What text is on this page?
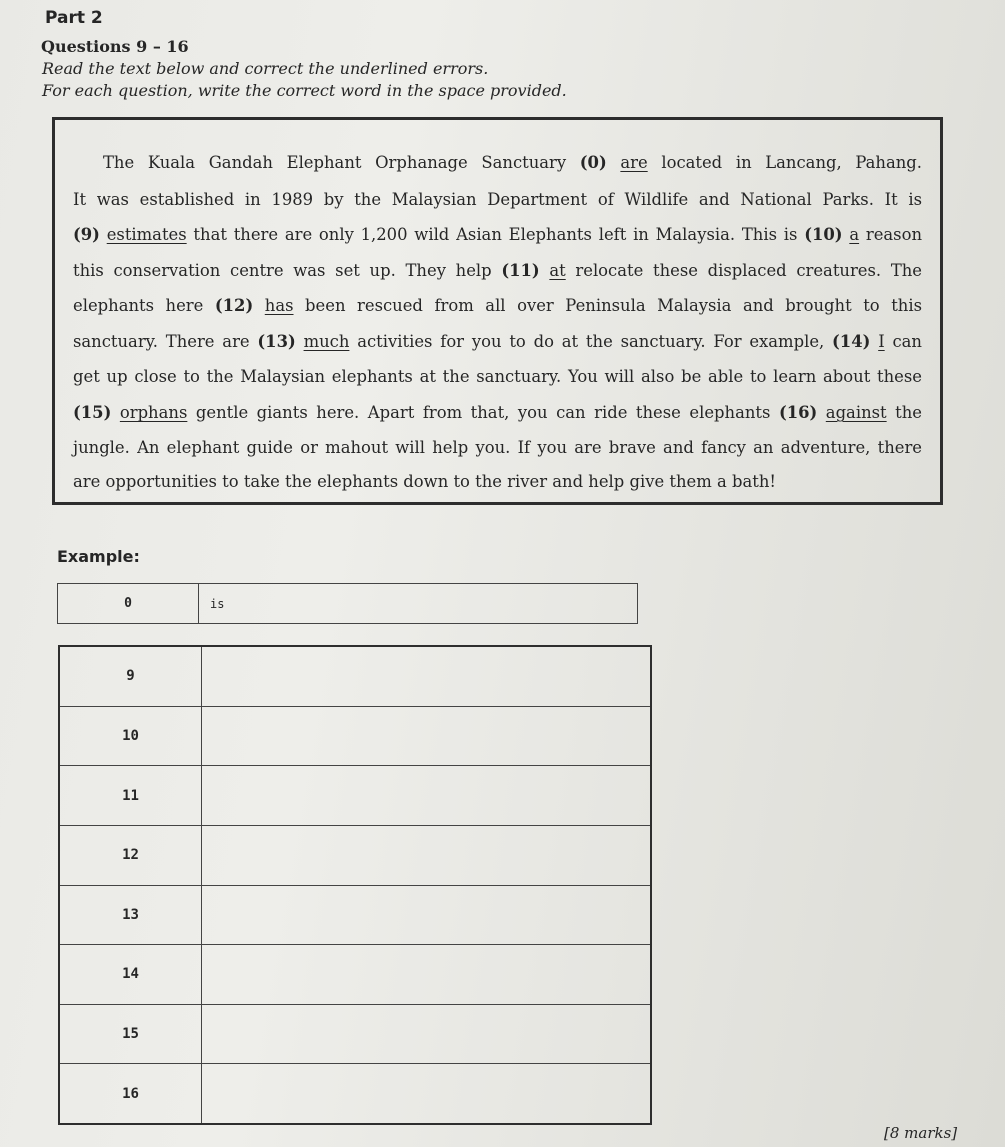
Part 2
Questions 9 – 16
Read the text below and correct the underlined errors.
For each question, write the correct word in the space provided.
The Kuala Gandah Elephant Orphanage Sanctuary (0) are located in Lancang, Pahang.
It was established in 1989 by the Malaysian Department of Wildlife and National Parks. It is
(9) estimates that there are only 1,200 wild Asian Elephants left in Malaysia. This is (10) a reason
this conservation centre was set up. They help (11) at relocate these displaced creatures. The
elephants here (12) has been rescued from all over Peninsula Malaysia and brought to this
sanctuary. There are (13) much activities for you to do at the sanctuary. For example, (14) I can
get up close to the Malaysian elephants at the sanctuary. You will also be able to learn about these
(15) orphans gentle giants here. Apart from that, you can ride these elephants (16) against the
jungle. An elephant guide or mahout will help you. If you are brave and fancy an adventure, there
are opportunities to take the elephants down to the river and help give them a bath!
Example:
0	is
9
10
11
12
13
14
15
16
[8 marks]
